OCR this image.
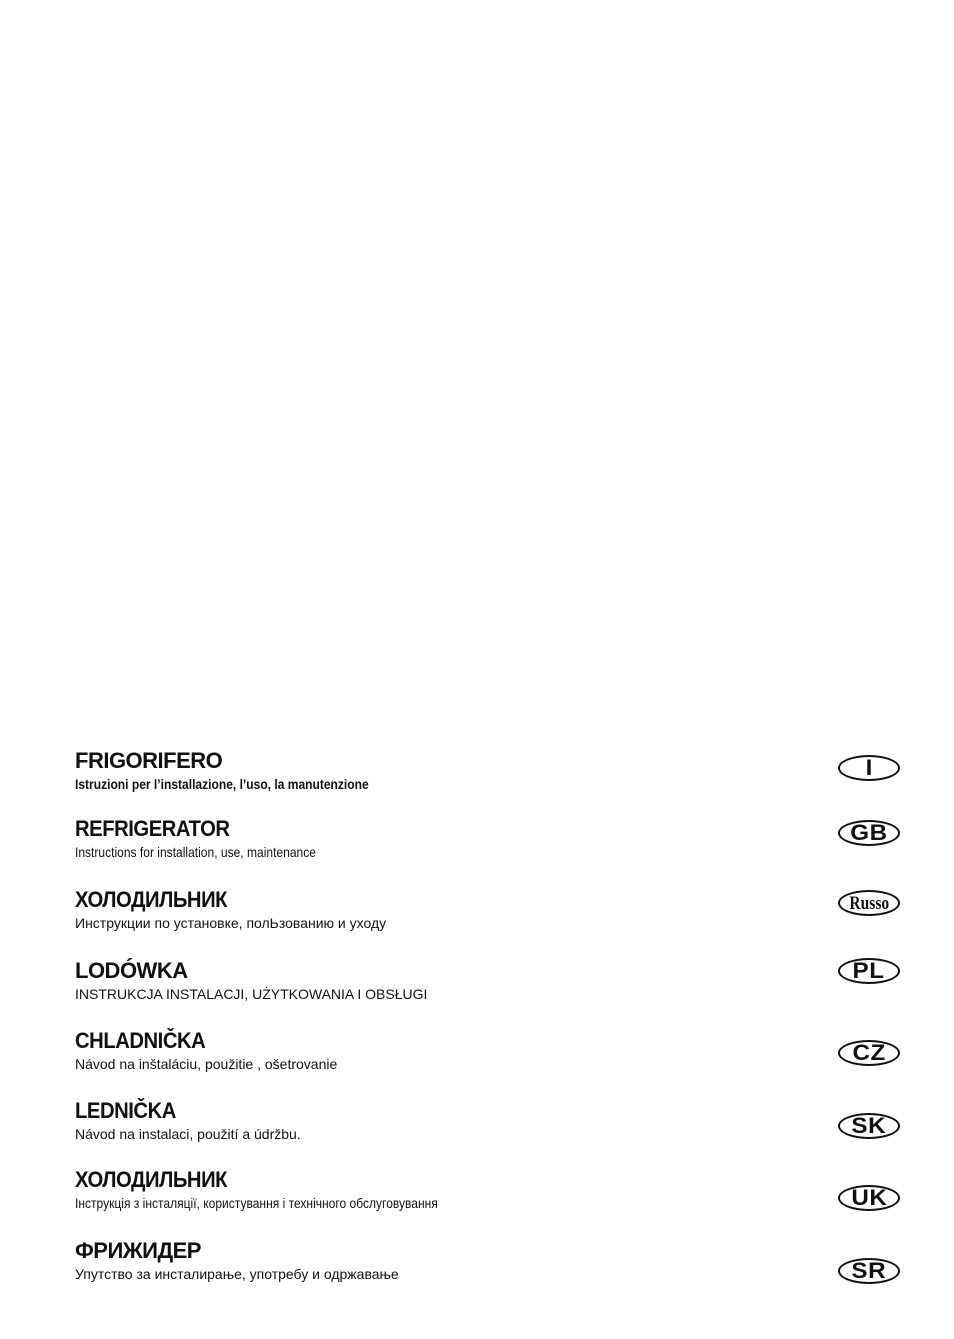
FRIGORIFERO
Istruzioni per l’installazione, l’uso, la manutenzione
I
REFRIGERATOR
Instructions for installation, use, maintenance
GB
ХОЛОДИЛЬНИК
Инструкции по установке, полЬзованию и уходу
Russo
LODÓWKA
INSTRUKCJA INSTALACJI, UŻYTKOWANIA I OBSŁUGI
PL
CHLADNIČKA
Návod na inštaláciu, použitie , ošetrovanie	CZ
LEDNIČKA
Návod na instalaci, použití a údržbu.	SK
ХОЛОДИЛЬНИК
Інструкція з інсталяції, користування і технічного обслуговування	UK
ФРИЖИДЕР
Упутство за инсталирање, употребу и одржавање	SR
